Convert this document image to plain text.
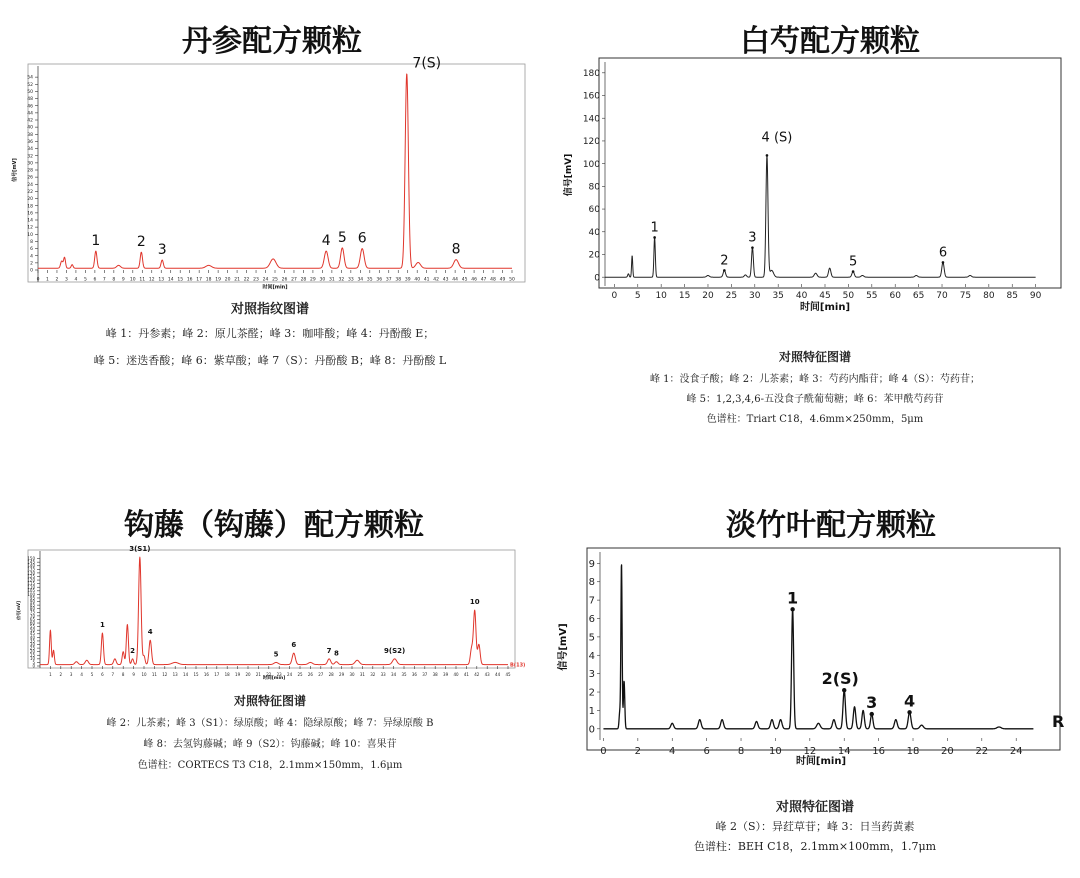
丹参配方颗粒
0
2
4
6
8
10
12
14
16
18
20
22
24
26
28
30
32
34
36
38
40
42
44
46
48
50
52
54
0 1 2 3 4 5 6 7 8 9 10 11 12 13 14 15 16 17 18 19 20 21 22 23 24 25 26 27 28 29 30 31 32 33 34 35 36 37 38 39 40 41 42 43 44 45 46 47 48 49 50
时间[min]
信号[mV]
1	2 3
4 5 6
7(S)
8
对照指纹图谱
峰 1：丹参素；峰 2：原儿茶醛；峰 3：咖啡酸；峰 4：丹酚酸 E；
峰 5：迷迭香酸；峰 6：紫草酸；峰 7（S）：丹酚酸 B；峰 8：丹酚酸 L
白芍配方颗粒
0
20
40
60
80
100
120
140
160
180
0 5 10 15 20 25 30 35 40 45 50 55 60 65 70 75 80 85 90
时间[min]
信号[mV]
1
2
3
4 (S)
5
6
对照特征图谱
峰 1：没食子酸；峰 2：儿茶素；峰 3：芍药内酯苷；峰 4（S）：芍药苷；
峰 5：1,2,3,4,6-五没食子酰葡萄糖；峰 6：苯甲酰芍药苷
色谱柱：Triart C18，4.6mm×250mm，5μm
钩藤（钩藤）配方颗粒
0
5
10
15
20
25
30
35
40
45
50
55
60
65
70
75
80
85
90
95
100
105
110
115
120
125
130
135
140
145
150
1 2 3 4 5 6 7 8 9 10 11 12 13 14 15 16 17 18 19 20 21 22 23 24 25 26 27 28 29 30 31 32 33 34 35 36 37 38 39 40 41 42 43 44 45
时间[min]
信号[mV]
1
2
3(S1)
4
5
6
7 8	9(S2)
10
B(13)
对照特征图谱
峰 2：儿茶素；峰 3（S1）：绿原酸；峰 4：隐绿原酸；峰 7：异绿原酸 B
峰 8：去氢钩藤碱；峰 9（S2）：钩藤碱；峰 10：喜果苷
色谱柱：CORTECS T3 C18，2.1mm×150mm，1.6μm
淡竹叶配方颗粒
0
1
2
3
4
5
6
7
8
9
0	2	4	6	8 10 12 14 16 18 20 22 24
时间[min]
信号[mV]
1
2(S)
3 4
R
对照特征图谱
峰 2（S）：异荭草苷；峰 3：日当药黄素
色谱柱：BEH C18，2.1mm×100mm，1.7μm
